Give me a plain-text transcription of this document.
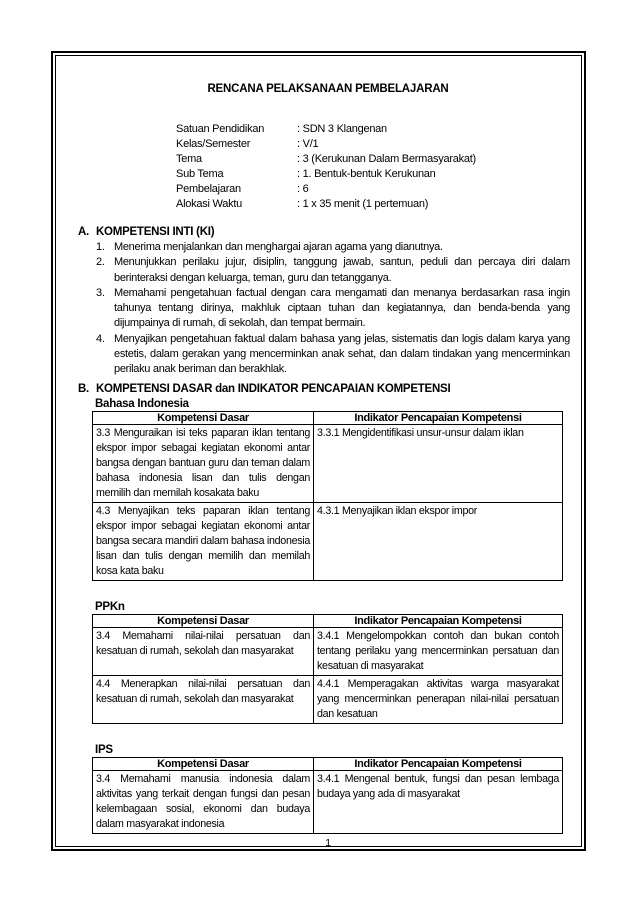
RENCANA PELAKSANAAN PEMBELAJARAN
Satuan Pendidikan	: SDN 3 Klangenan
Kelas/Semester	: V/1
Tema	: 3 (Kerukunan Dalam Bermasyarakat)
Sub Tema	: 1. Bentuk-bentuk Kerukunan
Pembelajaran	: 6
Alokasi Waktu	: 1 x 35 menit (1 pertemuan)
A. KOMPETENSI INTI (KI)
1. Menerima menjalankan dan menghargai ajaran agama yang dianutnya.
2. Menunjukkan perilaku jujur, disiplin, tanggung jawab, santun, peduli dan percaya diri dalam berinteraksi dengan keluarga, teman, guru dan tetangganya.
3. Memahami pengetahuan factual dengan cara mengamati dan menanya berdasarkan rasa ingin tahunya tentang dirinya, makhluk ciptaan tuhan dan kegiatannya, dan benda-benda yang dijumpainya di rumah, di sekolah, dan tempat bermain.
4. Menyajikan pengetahuan faktual dalam bahasa yang jelas, sistematis dan logis dalam karya yang estetis, dalam gerakan yang mencerminkan anak sehat, dan dalam tindakan yang mencerminkan perilaku anak beriman dan berakhlak.
B. KOMPETENSI DASAR dan INDIKATOR PENCAPAIAN KOMPETENSI
Bahasa Indonesia
Kompetensi Dasar	Indikator Pencapaian Kompetensi
3.3 Menguraikan isi teks paparan iklan tentang ekspor impor sebagai kegiatan ekonomi antar bangsa dengan bantuan guru dan teman dalam bahasa indonesia lisan dan tulis dengan memilih dan memilah kosakata baku	3.3.1 Mengidentifikasi unsur-unsur dalam iklan
4.3 Menyajikan teks paparan iklan tentang ekspor impor sebagai kegiatan ekonomi antar bangsa secara mandiri dalam bahasa indonesia lisan dan tulis dengan memilih dan memilah kosa kata baku	4.3.1 Menyajikan iklan ekspor impor
PPKn
Kompetensi Dasar	Indikator Pencapaian Kompetensi
3.4 Memahami nilai-nilai persatuan dan kesatuan di rumah, sekolah dan masyarakat	3.4.1 Mengelompokkan contoh dan bukan contoh tentang perilaku yang mencerminkan persatuan dan kesatuan di masyarakat
4.4 Menerapkan nilai-nilai persatuan dan kesatuan di rumah, sekolah dan masyarakat	4.4.1 Memperagakan aktivitas warga masyarakat yang mencerminkan penerapan nilai-nilai persatuan dan kesatuan
IPS
Kompetensi Dasar	Indikator Pencapaian Kompetensi
3.4 Memahami manusia indonesia dalam aktivitas yang terkait dengan fungsi dan pesan kelembagaan sosial, ekonomi dan budaya dalam masyarakat indonesia	3.4.1 Mengenal bentuk, fungsi dan pesan lembaga budaya yang ada di masyarakat
1
